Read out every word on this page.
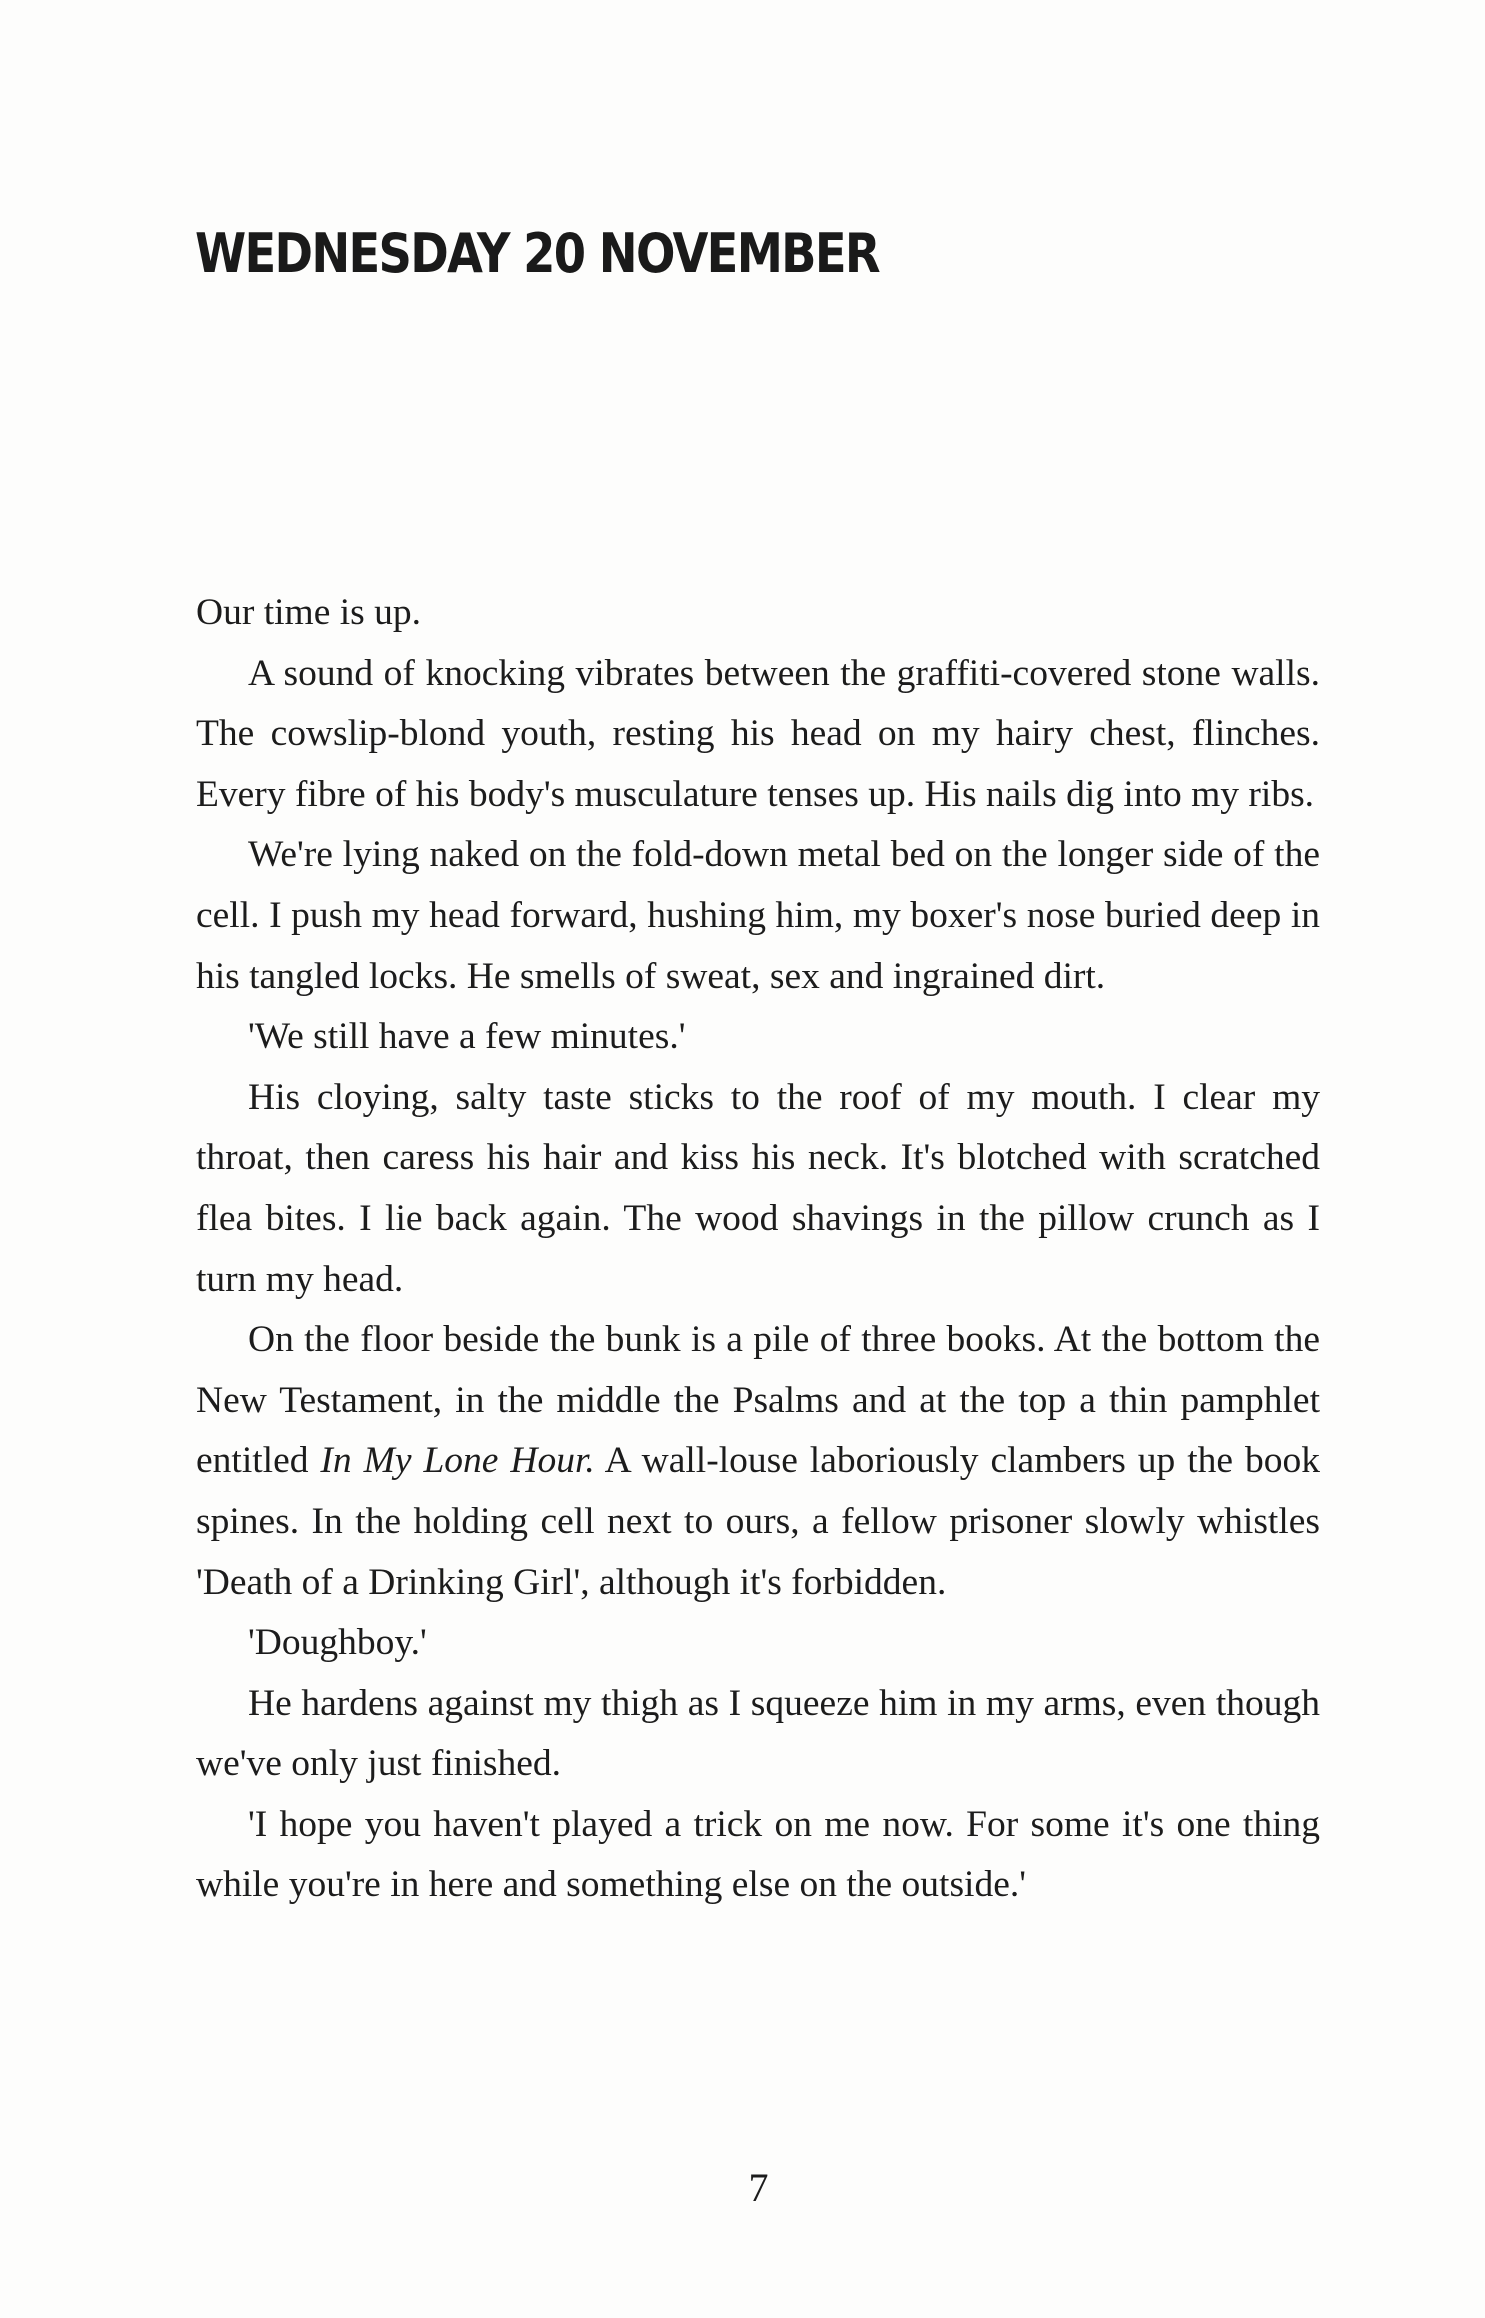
WEDNESDAY 20 NOVEMBER

Our time is up.

A sound of knocking vibrates between the graffiti-covered stone walls. The cowslip-blond youth, resting his head on my hairy chest, flinches. Every fibre of his body's musculature tenses up. His nails dig into my ribs.

We're lying naked on the fold-down metal bed on the longer side of the cell. I push my head forward, hushing him, my boxer's nose buried deep in his tangled locks. He smells of sweat, sex and ingrained dirt.

'We still have a few minutes.'

His cloying, salty taste sticks to the roof of my mouth. I clear my throat, then caress his hair and kiss his neck. It's blotched with scratched flea bites. I lie back again. The wood shavings in the pillow crunch as I turn my head.

On the floor beside the bunk is a pile of three books. At the bottom the New Testament, in the middle the Psalms and at the top a thin pamphlet entitled In My Lone Hour. A wall-louse laboriously clambers up the book spines. In the holding cell next to ours, a fellow prisoner slowly whistles 'Death of a Drinking Girl', although it's forbidden.

'Doughboy.'

He hardens against my thigh as I squeeze him in my arms, even though we've only just finished.

'I hope you haven't played a trick on me now. For some it's one thing while you're in here and something else on the outside.'

7
